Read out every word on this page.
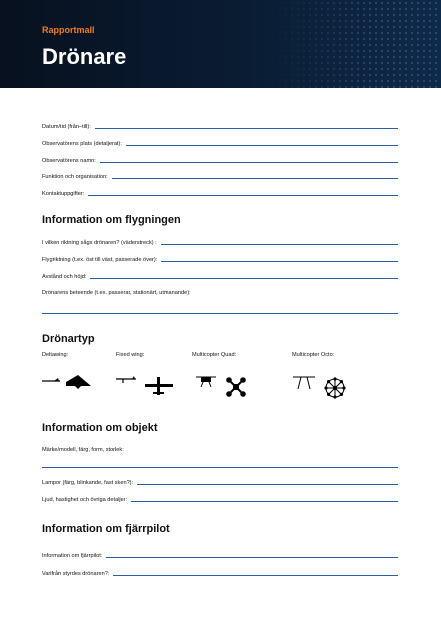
Rapportmall
Drönare
Datum/tid (från–till):
Observatörens plats (detaljerat):
Observatörens namn:
Funktion och organisation:
Kontaktuppgifter:
Information om flygningen
I vilken riktning sågs drönaren? (väderstreck) :
Flygriktning (t.ex. öst till väst, passerade över):
Avstånd och höjd:
Drönarens beteende (t.ex. passerar, stationärt, utmanande):
Drönartyp
Deltawing:	Fixed wing:	Multicopter Quad:	Multicopter Octo:
Information om objekt
Märke/modell, färg, form, storlek:
Lampor (färg, blinkande, fast sken?):
Ljud, hastighet och övriga detaljer:
Information om fjärrpilot
Information om fjärrpilot:
Varifrån styrdes drönaren?:
